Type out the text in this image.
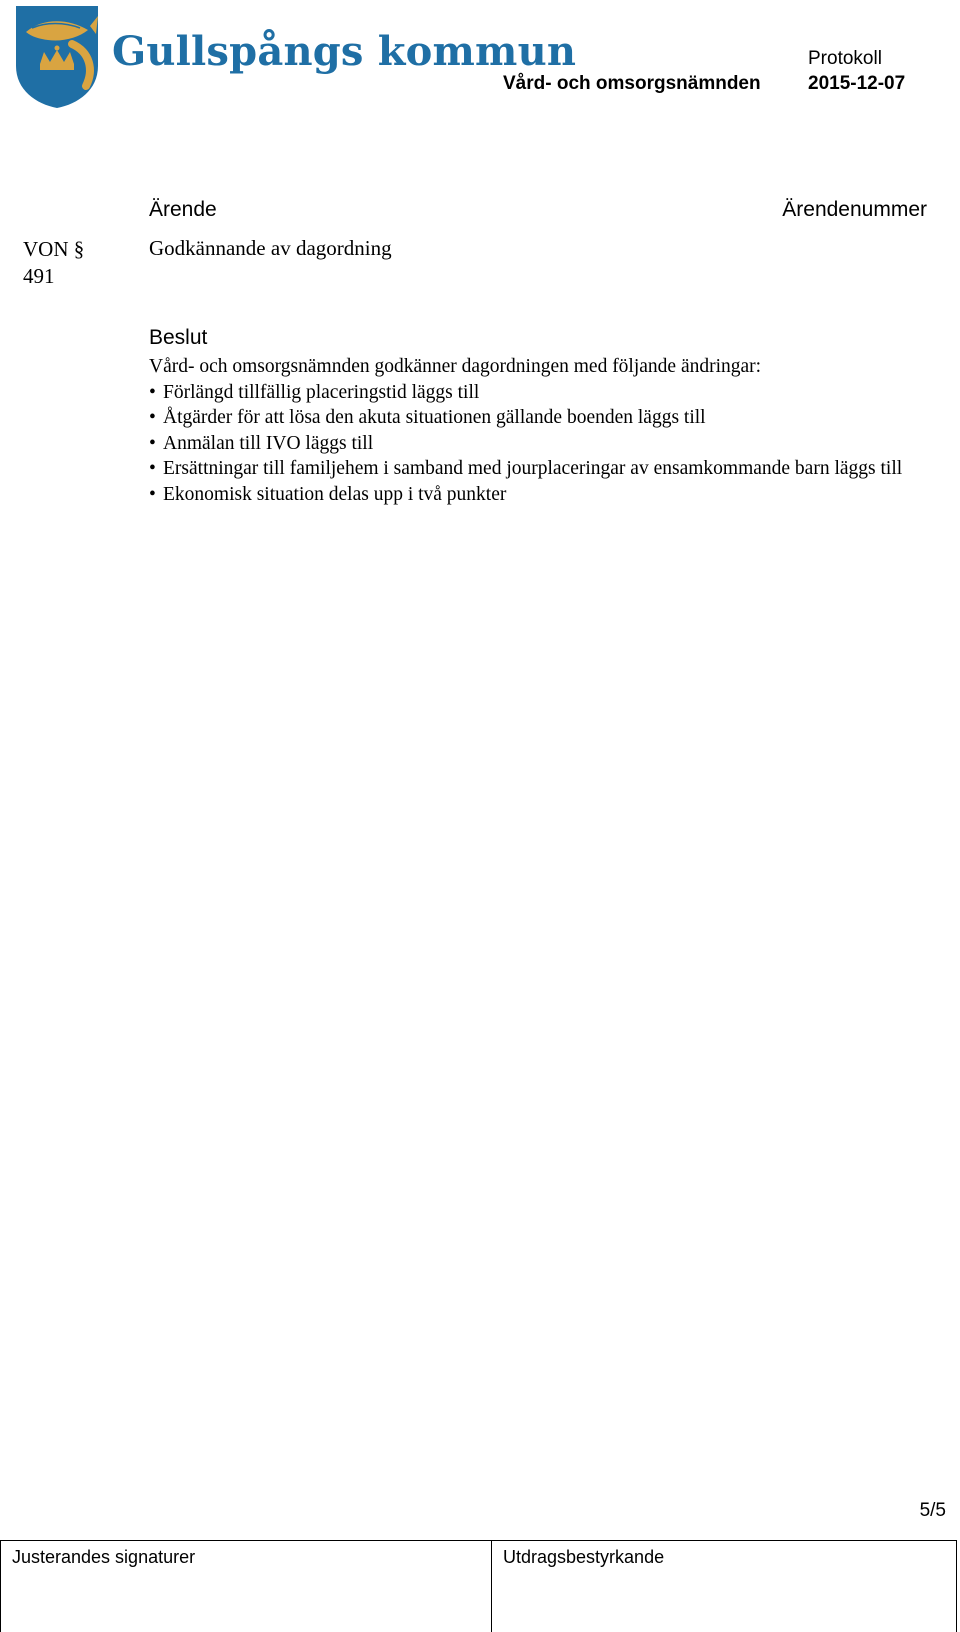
Gullspångs kommun	Protokoll
Vård- och omsorgsnämnden 2015-12-07
Ärende	Ärendenummer
VON § 491
Godkännande av dagordning
Beslut

Vård- och omsorgsnämnden godkänner dagordningen med följande ändringar:

• Förlängd tillfällig placeringstid läggs till
• Åtgärder för att lösa den akuta situationen gällande boenden läggs till
• Anmälan till IVO läggs till
• Ersättningar till familjehem i samband med jourplaceringar av ensamkommande barn läggs till
• Ekonomisk situation delas upp i två punkter
5/5
Justerandes signaturer	Utdragsbestyrkande
